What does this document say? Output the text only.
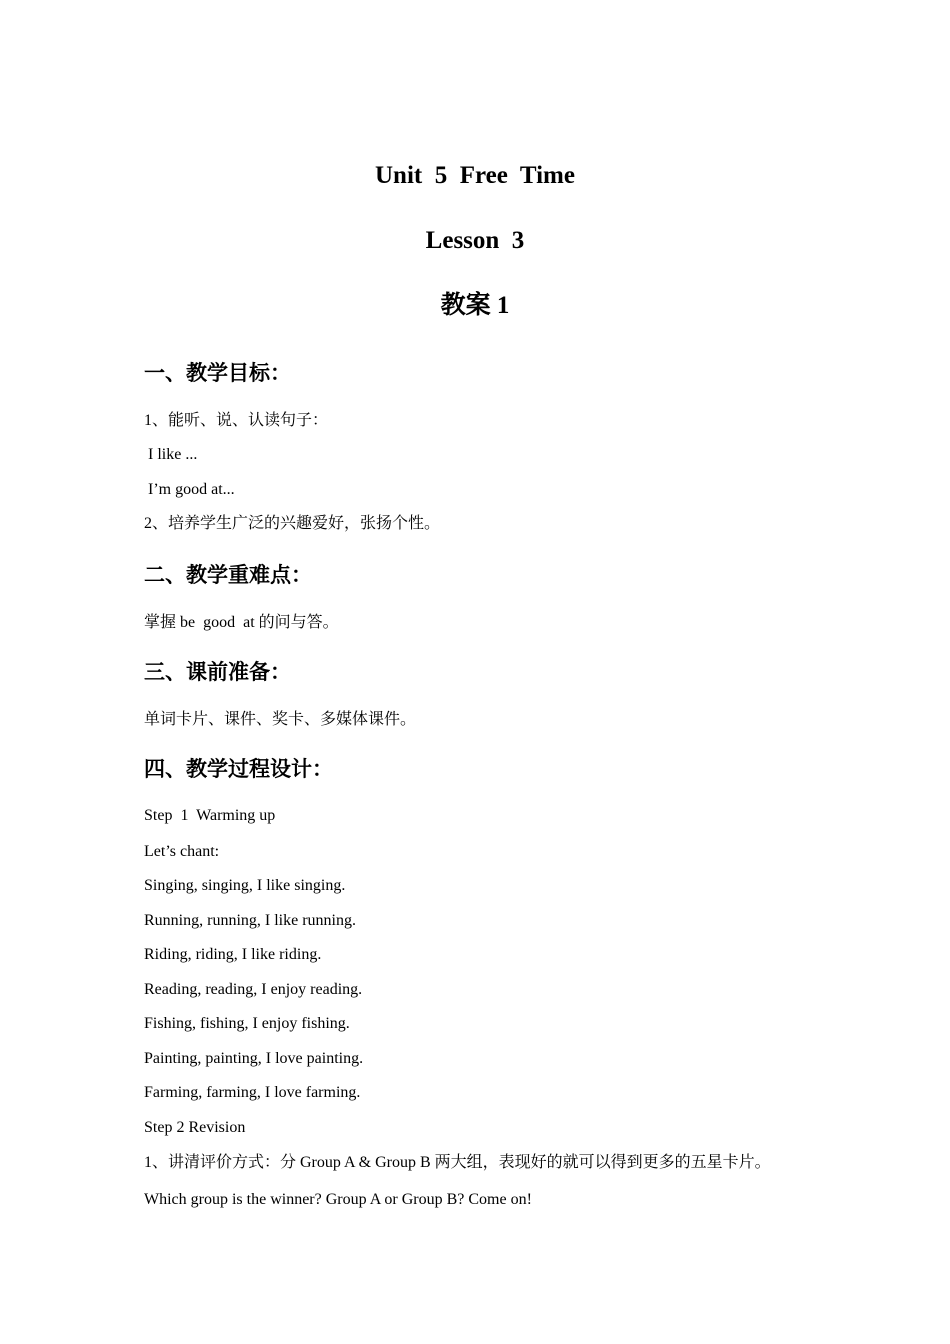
Unit  5  Free  Time
Lesson  3
教案 1
一、教学目标：
1、能听、说、认读句子：
I like ...
I’m good at...
2、培养学生广泛的兴趣爱好，张扬个性。
二、教学重难点：
掌握 be  good  at 的问与答。
三、课前准备：
单词卡片、课件、奖卡、多媒体课件。
四、教学过程设计：
Step  1  Warming up
Let’s chant:
Singing, singing, I like singing.
Running, running, I like running.
Riding, riding, I like riding.
Reading, reading, I enjoy reading.
Fishing, fishing, I enjoy fishing.
Painting, painting, I love painting.
Farming, farming, I love farming.
Step 2 Revision
1、讲清评价方式：分 Group A & Group B 两大组，表现好的就可以得到更多的五星卡片。
Which group is the winner? Group A or Group B? Come on!
